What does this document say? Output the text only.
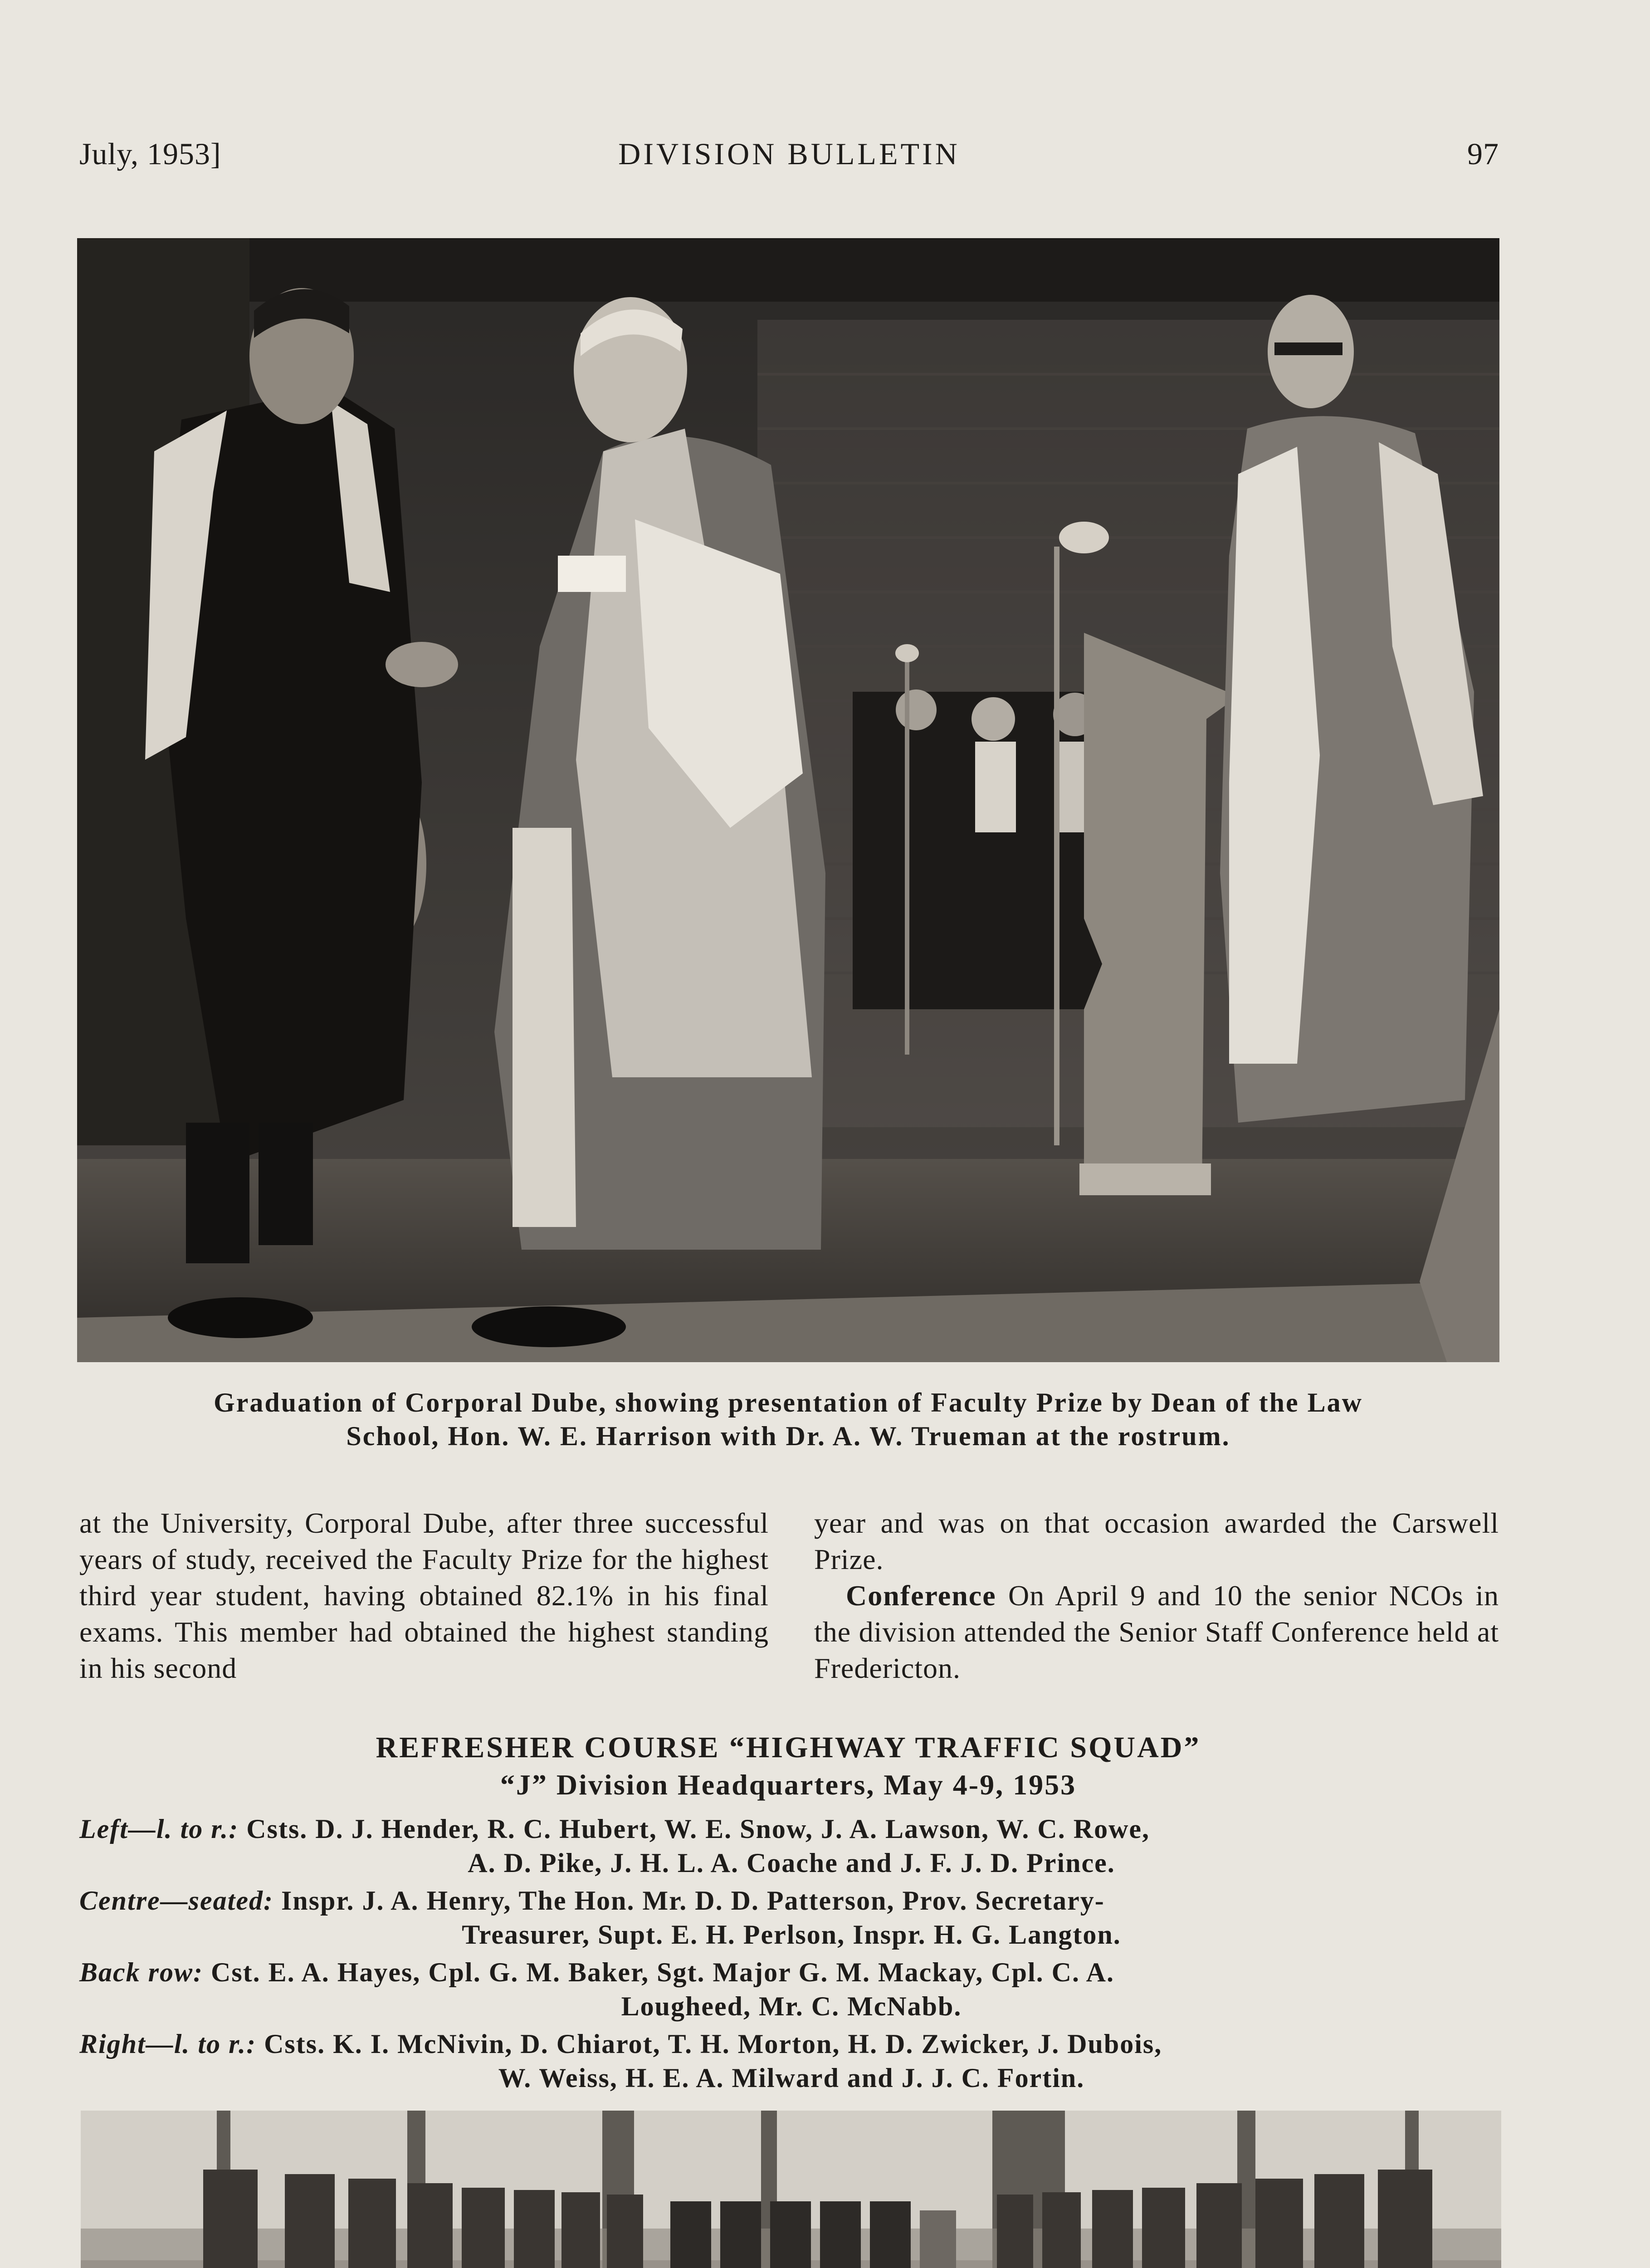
July, 1953]	DIVISION BULLETIN	97
Graduation of Corporal Dube, showing presentation of Faculty Prize by Dean of the Law
School, Hon. W. E. Harrison with Dr. A. W. Trueman at the rostrum.

at the University, Corporal Dube, after three successful years of study, received the Faculty Prize for the highest third year student, having obtained 82.1% in his final exams. This member had obtained the highest standing in his second

year and was on that occasion awarded the Carswell Prize.

Conference On April 9 and 10 the senior NCOs in the division attended the Senior Staff Conference held at Fredericton.

REFRESHER COURSE “HIGHWAY TRAFFIC SQUAD”
“J” Division Headquarters, May 4-9, 1953
Left—l. to r.: Csts. D. J. Hender, R. C. Hubert, W. E. Snow, J. A. Lawson, W. C. Rowe,
A. D. Pike, J. H. L. A. Coache and J. F. J. D. Prince.
Centre—seated: Inspr. J. A. Henry, The Hon. Mr. D. D. Patterson, Prov. Secretary-
Treasurer, Supt. E. H. Perlson, Inspr. H. G. Langton.
Back row: Cst. E. A. Hayes, Cpl. G. M. Baker, Sgt. Major G. M. Mackay, Cpl. C. A.
Lougheed, Mr. C. McNabb.
Right—l. to r.: Csts. K. I. McNivin, D. Chiarot, T. H. Morton, H. D. Zwicker, J. Dubois,
W. Weiss, H. E. A. Milward and J. J. C. Fortin.
